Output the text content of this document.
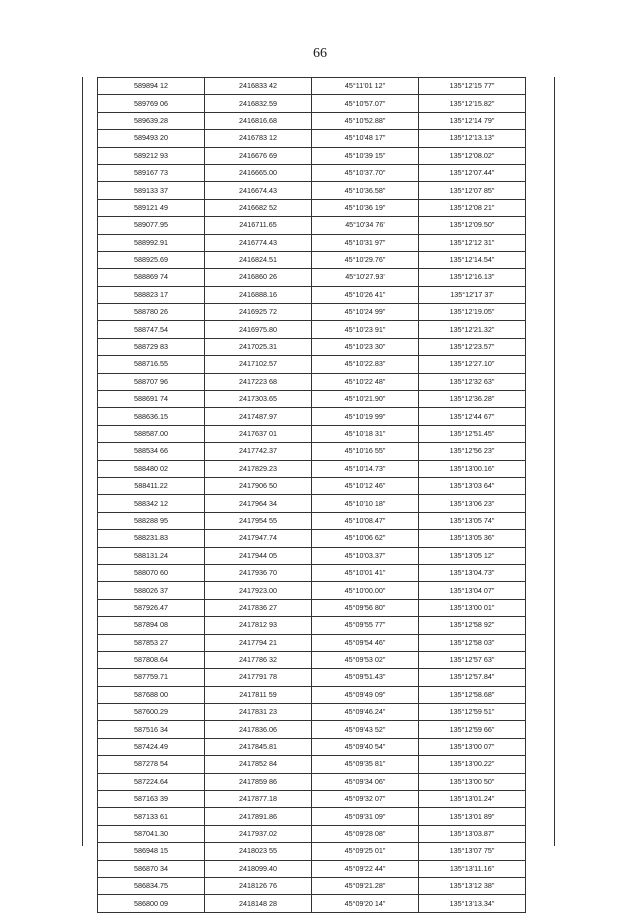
66
589894 12	2416833 42	45°11'01 12"	135°12'15 77"
589769 06	2416832.59	45°10'57.07"	135°12'15.82"
589639.28	2416816.68	45°10'52.88"	135°12'14 79"
589493 20	2416783 12	45°10'48 17"	135°12'13.13"
589212 93	2416676 69	45°10'39 15"	135°12'08.02"
589167 73	2416665.00	45°10'37.70"	135°12'07.44"
589133 37	2416674.43	45°10'36.58"	135°12'07 85"
589121 49	2416682 52	45°10'36 19"	135°12'08 21"
589077.95	2416711.65	45°10'34 76'	135°12'09.50"
588992.91	2416774.43	45°10'31 97"	135°12'12 31"
588925.69	2416824.51	45°10'29.76"	135°12'14.54"
588869 74	2416860 26	45°10'27.93'	135°12'16.13"
588823 17	2416888.16	45°10'26 41"	135°12'17 37'
588780 26	2416925 72	45°10'24 99"	135°12'19.05"
588747.54	2416975.80	45°10'23 91"	135°12'21.32"
588729 83	2417025.31	45°10'23 30"	135°12'23.57"
588716.55	2417102.57	45°10'22.83"	135°12'27.10"
588707 96	2417223 68	45°10'22 48"	135°12'32 63"
588691 74	2417303.65	45°10'21.90"	135°12'36.28"
588636.15	2417487.97	45°10'19 99"	135°12'44 67"
588587.00	2417637 01	45°10'18 31"	135°12'51.45"
588534 66	2417742.37	45°10'16 55"	135°12'56 23"
588480 02	2417829.23	45°10'14.73"	135°13'00.16"
588411.22	2417906 50	45°10'12 46"	135°13'03 64"
588342 12	2417964 34	45°10'10 18"	135°13'06 23"
588288 95	2417954 55	45°10'08.47"	135°13'05 74"
588231.83	2417947.74	45°10'06 62"	135°13'05 36"
588131.24	2417944 05	45°10'03.37"	135°13'05 12"
588070 60	2417936 70	45°10'01 41"	135°13'04.73"
588026 37	2417923.00	45°10'00.00"	135°13'04 07"
587926.47	2417836 27	45°09'56 80"	135°13'00 01"
587894 08	2417812 93	45°09'55 77"	135°12'58 92"
587853 27	2417794 21	45°09'54 46"	135°12'58 03"
587808.64	2417786 32	45°09'53 02"	135°12'57 63"
587759.71	2417791 78	45°09'51.43"	135°12'57.84"
587688 00	2417811 59	45°09'49 09"	135°12'58.68"
587600.29	2417831 23	45°09'46.24"	135°12'59 51"
587516 34	2417836.06	45°09'43 52"	135°12'59 66"
587424.49	2417845.81	45°09'40 54"	135°13'00 07"
587278 54	2417852 84	45°09'35 81"	135°13'00.22"
587224.64	2417859 86	45°09'34 06"	135°13'00 50"
587163 39	2417877.18	45°09'32 07"	135°13'01.24"
587133 61	2417891.86	45°09'31 09"	135°13'01 89"
587041.30	2417937.02	45°09'28 08"	135°13'03.87"
586948 15	2418023 55	45°09'25 01"	135°13'07 75"
586870 34	2418099.40	45°09'22 44"	135°13'11.16"
586834.75	2418126 76	45°09'21.28"	135°13'12 38"
586800 09	2418148 28	45°09'20 14"	135°13'13.34"
